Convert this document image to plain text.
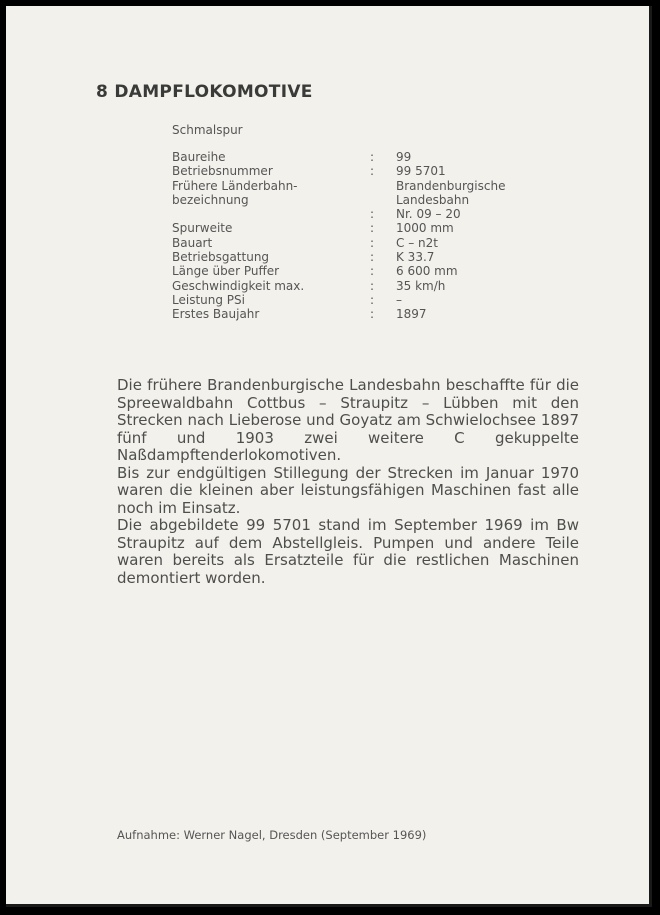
8 DAMPFLOKOMOTIVE
Schmalspur
Baureihe	:	99
Betriebsnummer	:	99 5701
Frühere Länderbahn-	Brandenburgische
bezeichnung	Landesbahn
:	Nr. 09 – 20
Spurweite	:	1000 mm
Bauart	:	C – n2t
Betriebsgattung	:	K 33.7
Länge über Puffer	:	6 600 mm
Geschwindigkeit max.	:	35 km/h
Leistung PSi	:	–
Erstes Baujahr	:	1897

Die frühere Brandenburgische Landesbahn beschaffte für die Spreewaldbahn Cottbus – Straupitz – Lübben mit den Strecken nach Lieberose und Goyatz am Schwielochsee 1897 fünf und 1903 zwei weitere C gekuppelte Naßdampftenderlokomotiven.

Bis zur endgültigen Stillegung der Strecken im Januar 1970 waren die kleinen aber leistungsfähigen Maschinen fast alle noch im Einsatz.

Die abgebildete 99 5701 stand im September 1969 im Bw Straupitz auf dem Abstellgleis. Pumpen und andere Teile waren bereits als Ersatzteile für die restlichen Maschinen demontiert worden.

Aufnahme: Werner Nagel, Dresden (September 1969)
